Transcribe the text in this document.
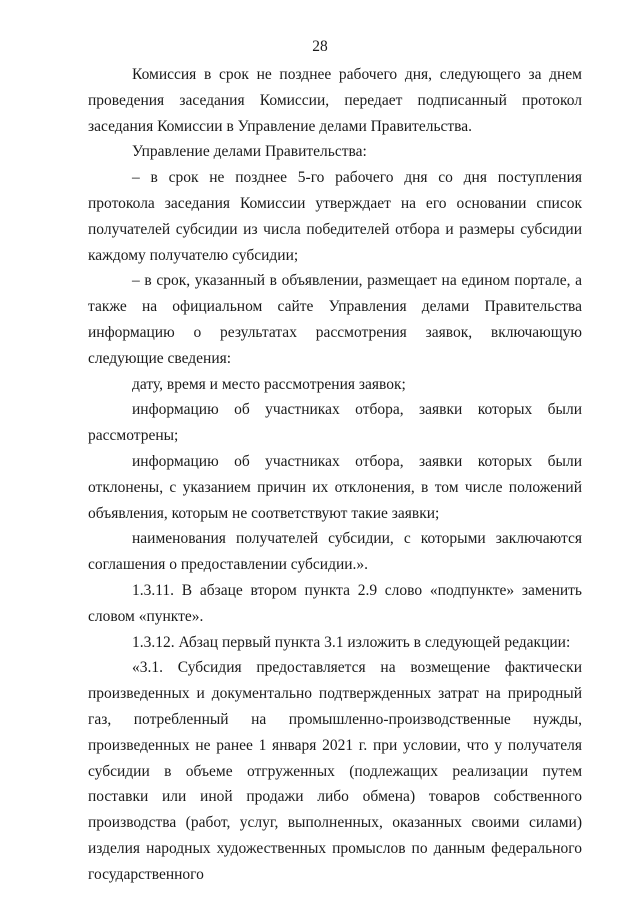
28

Комиссия в срок не позднее рабочего дня, следующего за днем проведения заседания Комиссии, передает подписанный протокол заседания Комиссии в Управление делами Правительства.

Управление делами Правительства:

– в срок не позднее 5-го рабочего дня со дня поступления протокола заседания Комиссии утверждает на его основании список получателей субсидии из числа победителей отбора и размеры субсидии каждому получателю субсидии;

– в срок, указанный в объявлении, размещает на едином портале, а также на официальном сайте Управления делами Правительства информацию о результатах рассмотрения заявок, включающую следующие сведения:

дату, время и место рассмотрения заявок;

информацию об участниках отбора, заявки которых были рассмотрены;

информацию об участниках отбора, заявки которых были отклонены, с указанием причин их отклонения, в том числе положений объявления, которым не соответствуют такие заявки;

наименования получателей субсидии, с которыми заключаются соглашения о предоставлении субсидии.».

1.3.11. В абзаце втором пункта 2.9 слово «подпункте» заменить словом «пункте».

1.3.12. Абзац первый пункта 3.1 изложить в следующей редакции:

«3.1. Субсидия предоставляется на возмещение фактически произведенных и документально подтвержденных затрат на природный газ, потребленный на промышленно-производственные нужды, произведенных не ранее 1 января 2021 г. при условии, что у получателя субсидии в объеме отгруженных (подлежащих реализации путем поставки или иной продажи либо обмена) товаров собственного производства (работ, услуг, выполненных, оказанных своими силами) изделия народных художественных промыслов по данным федерального государственного
